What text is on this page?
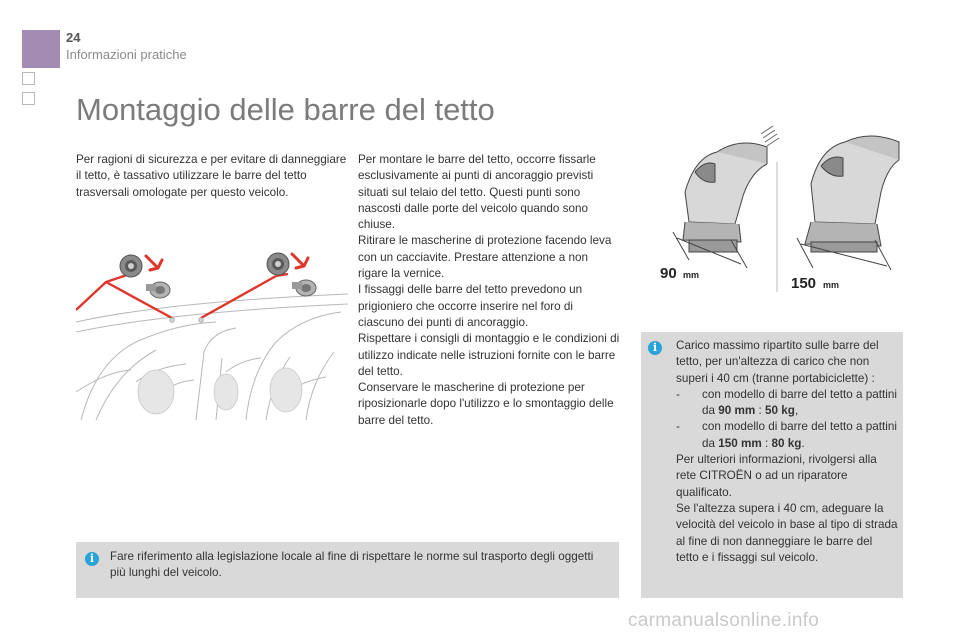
24
Informazioni pratiche
Montaggio delle barre del tetto
Per ragioni di sicurezza e per evitare di danneggiare il tetto, è tassativo utilizzare le barre del tetto trasversali omologate per questo veicolo.
Per montare le barre del tetto, occorre fissarle esclusivamente ai punti di ancoraggio previsti situati sul telaio del tetto. Questi punti sono nascosti dalle porte del veicolo quando sono chiuse.
Ritirare le mascherine di protezione facendo leva con un cacciavite. Prestare attenzione a non rigare la vernice.
I fissaggi delle barre del tetto prevedono un prigioniero che occorre inserire nel foro di ciascuno dei punti di ancoraggio.
Rispettare i consigli di montaggio e le condizioni di utilizzo indicate nelle istruzioni fornite con le barre del tetto.
Conservare le mascherine di protezione per riposizionarle dopo l'utilizzo e lo smontaggio delle barre del tetto.
90 mm	150 mm
i	Fare riferimento alla legislazione locale al fine di rispettare le norme sul trasporto degli oggetti più lunghi del veicolo.
i	Carico massimo ripartito sulle barre del tetto, per un'altezza di carico che non superi i 40 cm (tranne portabiciclette) :
-	con modello di barre del tetto a pattini da 90 mm : 50 kg,
-	con modello di barre del tetto a pattini da 150 mm : 80 kg.
Per ulteriori informazioni, rivolgersi alla rete CITROËN o ad un riparatore qualificato.
Se l'altezza supera i 40 cm, adeguare la velocità del veicolo in base al tipo di strada al fine di non danneggiare le barre del tetto e i fissaggi sul veicolo.
carmanualsonline.info
